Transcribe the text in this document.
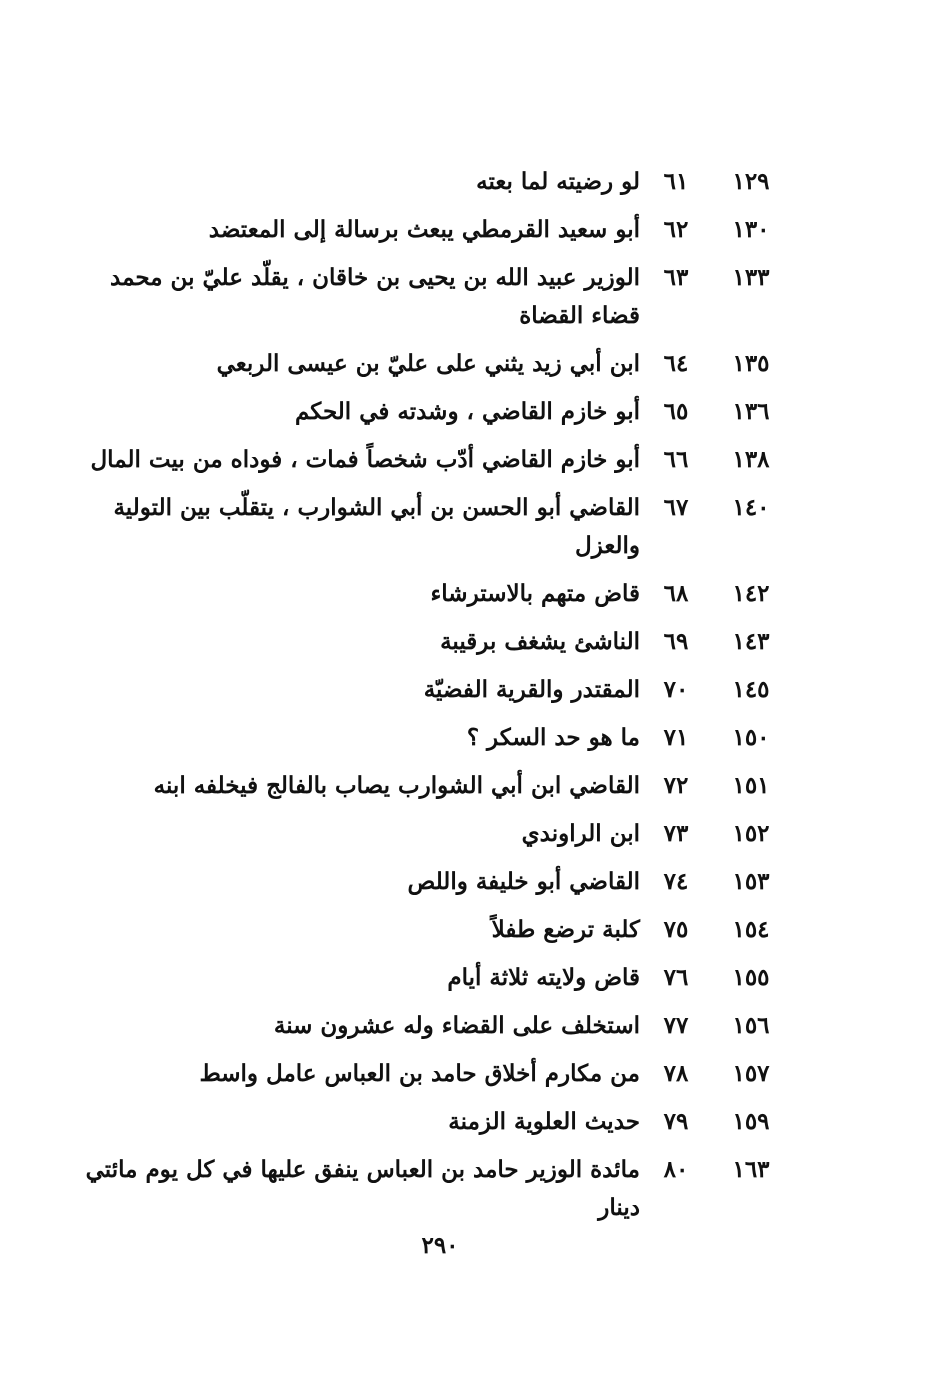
١٢٩
٦١
لو رضيته لما بعته
١٣٠
٦٢
أبو سعيد القرمطي يبعث برسالة إلى المعتضد
١٣٣
٦٣
الوزير عبيد الله بن يحيى بن خاقان ، يقلّد عليّ بن محمد قضاء القضاة
١٣٥
٦٤
ابن أبي زيد يثني على عليّ بن عيسى الربعي
١٣٦
٦٥
أبو خازم القاضي ، وشدته في الحكم
١٣٨
٦٦
أبو خازم القاضي أدّب شخصاً فمات ، فوداه من بيت المال
١٤٠
٦٧
القاضي أبو الحسن بن أبي الشوارب ، يتقلّب بين التولية والعزل
١٤٢
٦٨
قاض متهم بالاسترشاء
١٤٣
٦٩
الناشئ يشغف برقيبة
١٤٥
٧٠
المقتدر والقرية الفضيّة
١٥٠
٧١
ما هو حد السكر ؟
١٥١
٧٢
القاضي ابن أبي الشوارب يصاب بالفالج فيخلفه ابنه
١٥٢
٧٣
ابن الراوندي
١٥٣
٧٤
القاضي أبو خليفة واللص
١٥٤
٧٥
كلبة ترضع طفلاً
١٥٥
٧٦
قاض ولايته ثلاثة أيام
١٥٦
٧٧
استخلف على القضاء وله عشرون سنة
١٥٧
٧٨
من مكارم أخلاق حامد بن العباس عامل واسط
١٥٩
٧٩
حديث العلوية الزمنة
١٦٣
٨٠
مائدة الوزير حامد بن العباس ينفق عليها في كل يوم مائتي دينار
٢٩٠
